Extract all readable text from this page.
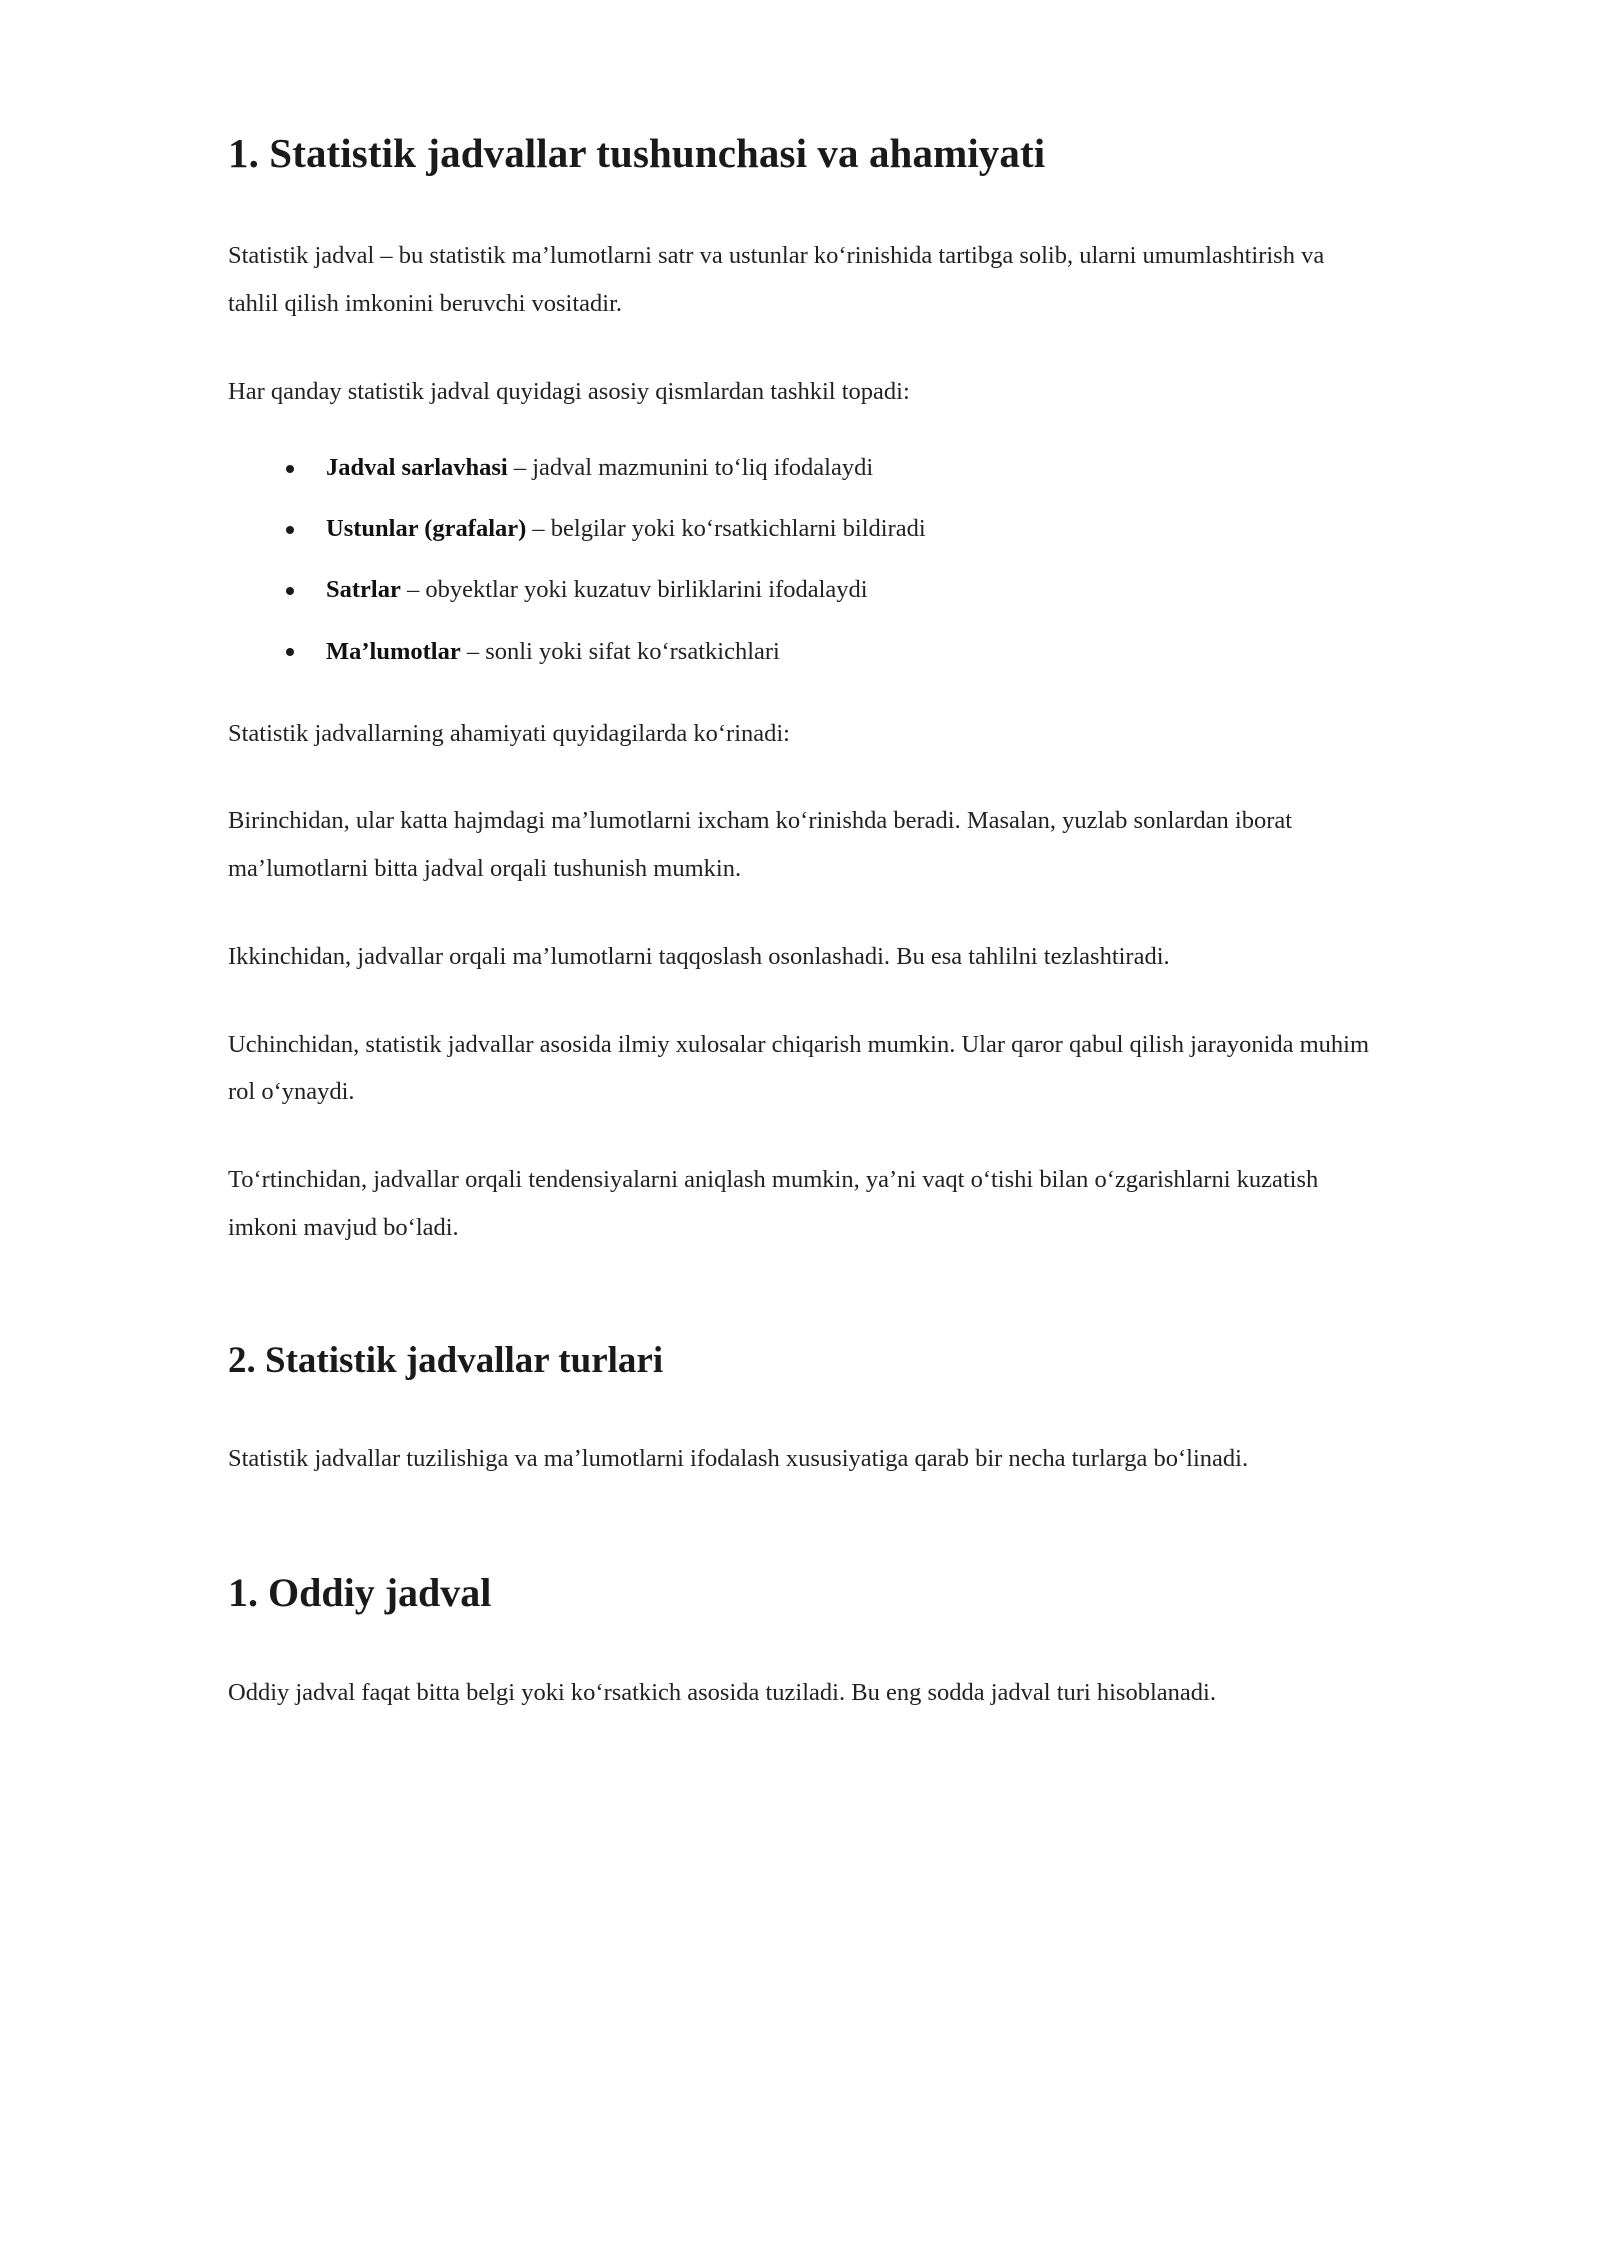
1. Statistik jadvallar tushunchasi va ahamiyati

Statistik jadval – bu statistik ma’lumotlarni satr va ustunlar ko‘rinishida tartibga solib, ularni umumlashtirish va tahlil qilish imkonini beruvchi vositadir.

Har qanday statistik jadval quyidagi asosiy qismlardan tashkil topadi:

Jadval sarlavhasi – jadval mazmunini to‘liq ifodalaydi
Ustunlar (grafalar) – belgilar yoki ko‘rsatkichlarni bildiradi
Satrlar – obyektlar yoki kuzatuv birliklarini ifodalaydi
Ma’lumotlar – sonli yoki sifat ko‘rsatkichlari

Statistik jadvallarning ahamiyati quyidagilarda ko‘rinadi:

Birinchidan, ular katta hajmdagi ma’lumotlarni ixcham ko‘rinishda beradi. Masalan, yuzlab sonlardan iborat ma’lumotlarni bitta jadval orqali tushunish mumkin.

Ikkinchidan, jadvallar orqali ma’lumotlarni taqqoslash osonlashadi. Bu esa tahlilni tezlashtiradi.

Uchinchidan, statistik jadvallar asosida ilmiy xulosalar chiqarish mumkin. Ular qaror qabul qilish jarayonida muhim rol o‘ynaydi.

To‘rtinchidan, jadvallar orqali tendensiyalarni aniqlash mumkin, ya’ni vaqt o‘tishi bilan o‘zgarishlarni kuzatish imkoni mavjud bo‘ladi.

2. Statistik jadvallar turlari

Statistik jadvallar tuzilishiga va ma’lumotlarni ifodalash xususiyatiga qarab bir necha turlarga bo‘linadi.

1. Oddiy jadval

Oddiy jadval faqat bitta belgi yoki ko‘rsatkich asosida tuziladi. Bu eng sodda jadval turi hisoblanadi.
